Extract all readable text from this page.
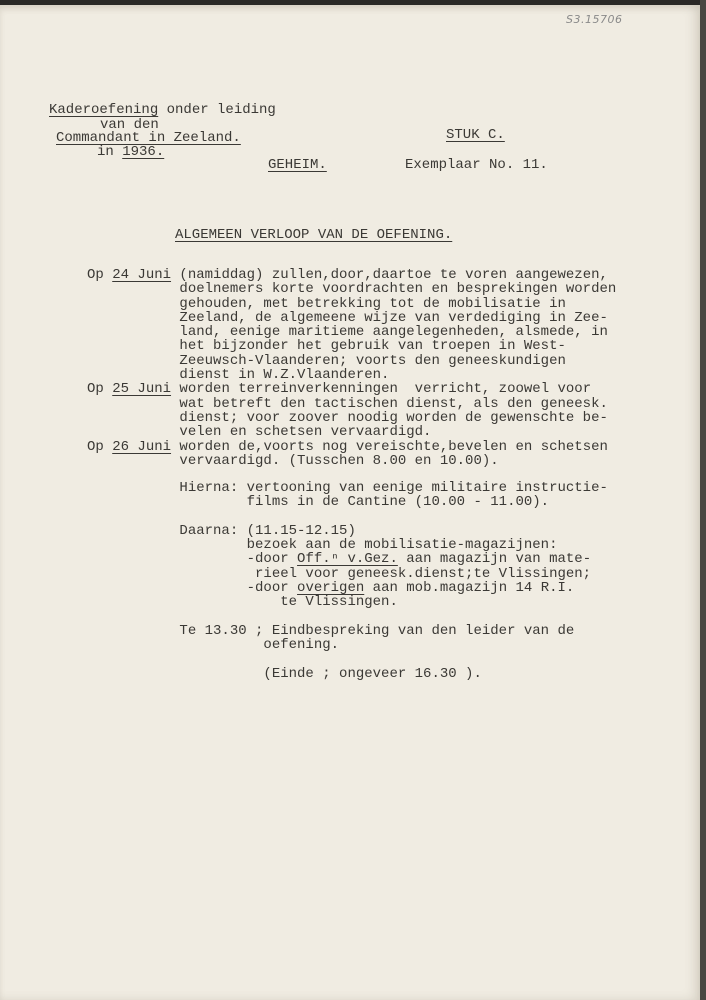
S3.15706
Kaderoefening onder leiding
van den
Commandant in Zeeland.
in 1936.
GEHEIM.
STUK C.
Exemplaar No. 11.
ALGEMEEN VERLOOP VAN DE OEFENING.
Op 24 Juni (namiddag) zullen,door,daartoe te voren aangewezen,
doelnemers korte voordrachten en besprekingen worden
gehouden, met betrekking tot de mobilisatie in
Zeeland, de algemeene wijze van verdediging in Zee-
land, eenige maritieme aangelegenheden, alsmede, in
het bijzonder het gebruik van troepen in West-
Zeeuwsch-Vlaanderen; voorts den geneeskundigen
dienst in W.Z.Vlaanderen.
Op 25 Juni worden terreinverkenningen  verricht, zoowel voor
wat betreft den tactischen dienst, als den geneesk.
dienst; voor zoover noodig worden de gewenschte be-
velen en schetsen vervaardigd.
Op 26 Juni worden de,voorts nog vereischte,bevelen en schetsen
vervaardigd. (Tusschen 8.00 en 10.00).
Hierna: vertooning van eenige militaire instructie-
films in de Cantine (10.00 - 11.00).
Daarna: (11.15-12.15)
bezoek aan de mobilisatie-magazijnen:
-door Off.ⁿ v.Gez. aan magazijn van mate-
rieel voor geneesk.dienst;te Vlissingen;
-door overigen aan mob.magazijn 14 R.I.
te Vlissingen.
Te 13.30 ; Eindbespreking van den leider van de
oefening.
(Einde ; ongeveer 16.30 ).
